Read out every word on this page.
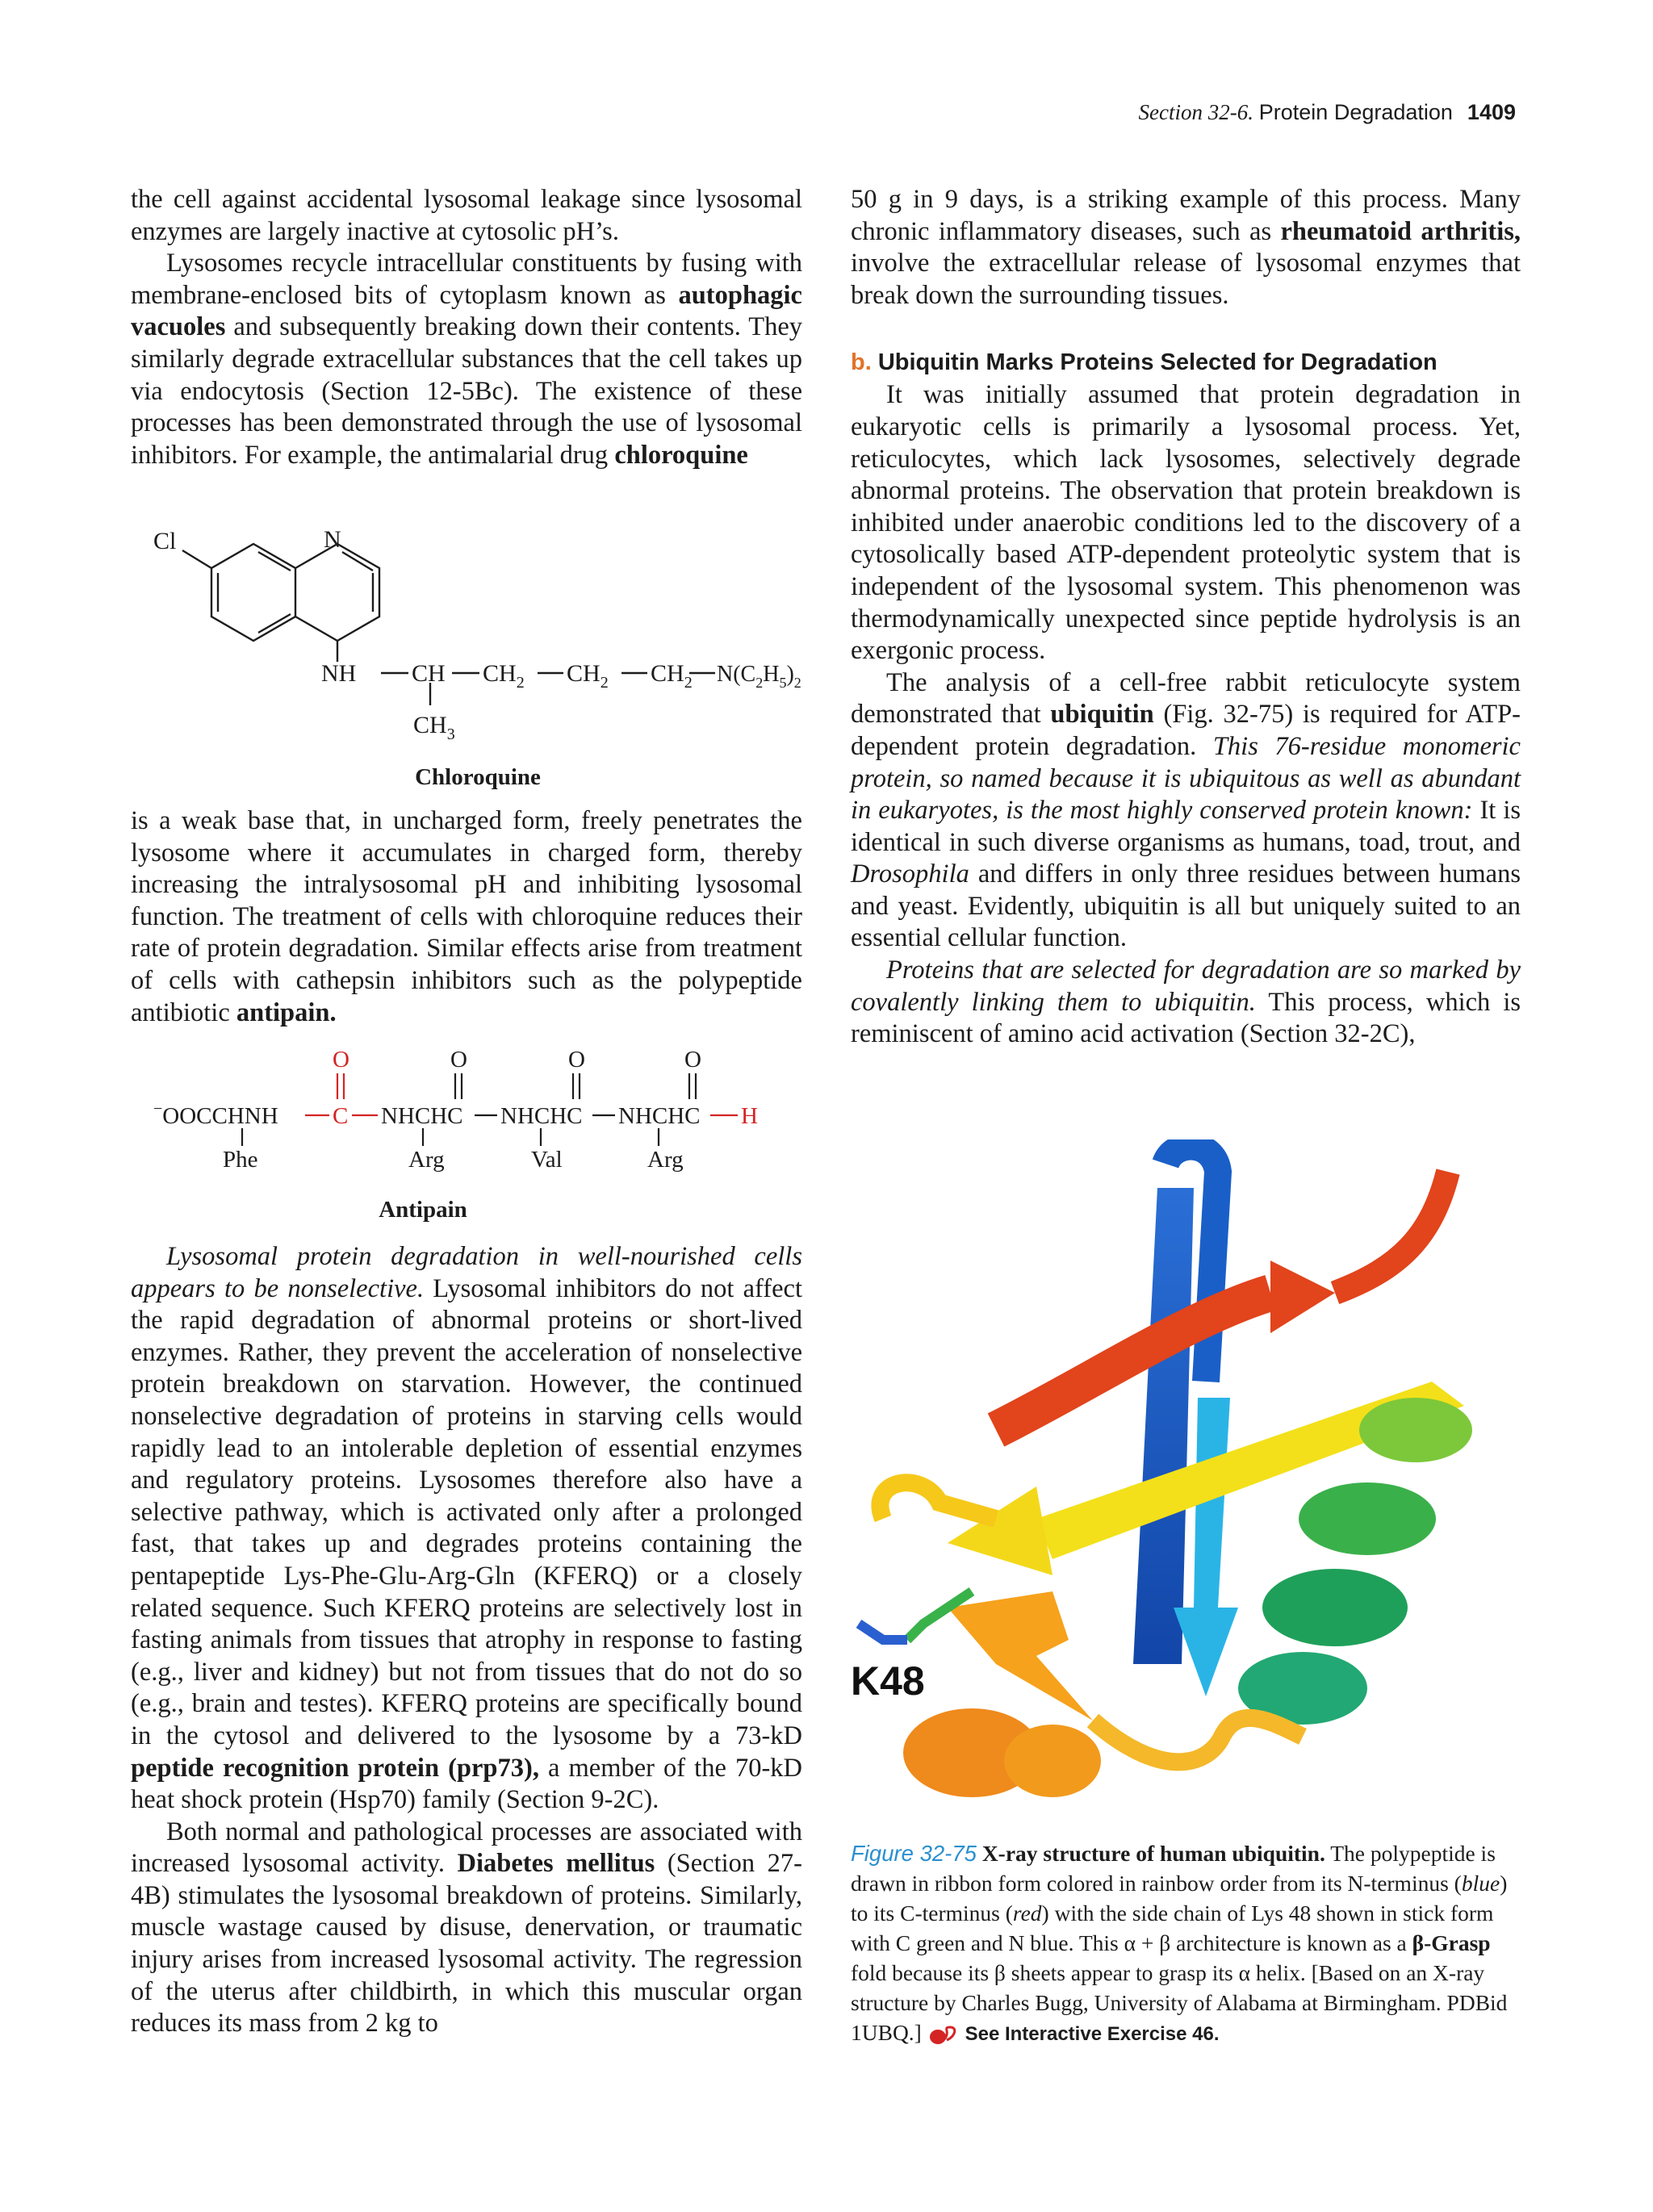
Section 32-6. Protein Degradation 1409

the cell against accidental lysosomal leakage since lysosomal enzymes are largely inactive at cytosolic pH’s.

Lysosomes recycle intracellular constituents by fusing with membrane-enclosed bits of cytoplasm known as autophagic vacuoles and subsequently breaking down their contents. They similarly degrade extracellular substances that the cell takes up via endocytosis (Section 12-5Bc). The existence of these processes has been demonstrated through the use of lysosomal inhibitors. For example, the antimalarial drug chloroquine

Cl	N
NH CH $CH_2$ $CH_2$ $CH_2$ $N(C_2H_5)_2$
$CH_3$
Chloroquine

is a weak base that, in uncharged form, freely penetrates the lysosome where it accumulates in charged form, thereby increasing the intralysosomal pH and inhibiting lysosomal function. The treatment of cells with chloroquine reduces their rate of protein degradation. Similar effects arise from treatment of cells with cathepsin inhibitors such as the polypeptide antibiotic antipain.

O	O	O	O
−OOCCHNH C NHCHC NHCHC NHCHC H
Phe	Arg	Val	Arg
Antipain

Lysosomal protein degradation in well-nourished cells appears to be nonselective. Lysosomal inhibitors do not affect the rapid degradation of abnormal proteins or short-lived enzymes. Rather, they prevent the acceleration of nonselective protein breakdown on starvation. However, the continued nonselective degradation of proteins in starving cells would rapidly lead to an intolerable depletion of essential enzymes and regulatory proteins. Lysosomes therefore also have a selective pathway, which is activated only after a prolonged fast, that takes up and degrades proteins containing the pentapeptide Lys-Phe-Glu-Arg-Gln (KFERQ) or a closely related sequence. Such KFERQ proteins are selectively lost in fasting animals from tissues that atrophy in response to fasting (e.g., liver and kidney) but not from tissues that do not do so (e.g., brain and testes). KFERQ proteins are specifically bound in the cytosol and delivered to the lysosome by a 73-kD peptide recognition protein (prp73), a member of the 70-kD heat shock protein (Hsp70) family (Section 9-2C).

Both normal and pathological processes are associated with increased lysosomal activity. Diabetes mellitus (Section 27-4B) stimulates the lysosomal breakdown of proteins. Similarly, muscle wastage caused by disuse, denervation, or traumatic injury arises from increased lysosomal activity. The regression of the uterus after childbirth, in which this muscular organ reduces its mass from 2 kg to

50 g in 9 days, is a striking example of this process. Many chronic inflammatory diseases, such as rheumatoid arthritis, involve the extracellular release of lysosomal enzymes that break down the surrounding tissues.

b. Ubiquitin Marks Proteins Selected for Degradation

It was initially assumed that protein degradation in eukaryotic cells is primarily a lysosomal process. Yet, reticulocytes, which lack lysosomes, selectively degrade abnormal proteins. The observation that protein breakdown is inhibited under anaerobic conditions led to the discovery of a cytosolically based ATP-dependent proteolytic system that is independent of the lysosomal system. This phenomenon was thermodynamically unexpected since peptide hydrolysis is an exergonic process.

The analysis of a cell-free rabbit reticulocyte system demonstrated that ubiquitin (Fig. 32-75) is required for ATP-dependent protein degradation. This 76-residue monomeric protein, so named because it is ubiquitous as well as abundant in eukaryotes, is the most highly conserved protein known: It is identical in such diverse organisms as humans, toad, trout, and Drosophila and differs in only three residues between humans and yeast. Evidently, ubiquitin is all but uniquely suited to an essential cellular function.

Proteins that are selected for degradation are so marked by covalently linking them to ubiquitin. This process, which is reminiscent of amino acid activation (Section 32-2C),

K48
Figure 32-75 X-ray structure of human ubiquitin. The polypeptide is drawn in ribbon form colored in rainbow order from its N-terminus (blue) to its C-terminus (red) with the side chain of Lys 48 shown in stick form with C green and N blue. This α + β architecture is known as a β-Grasp fold because its β sheets appear to grasp its α helix. [Based on an X-ray structure by Charles Bugg, University of Alabama at Birmingham. PDBid 1UBQ.] See Interactive Exercise 46.
